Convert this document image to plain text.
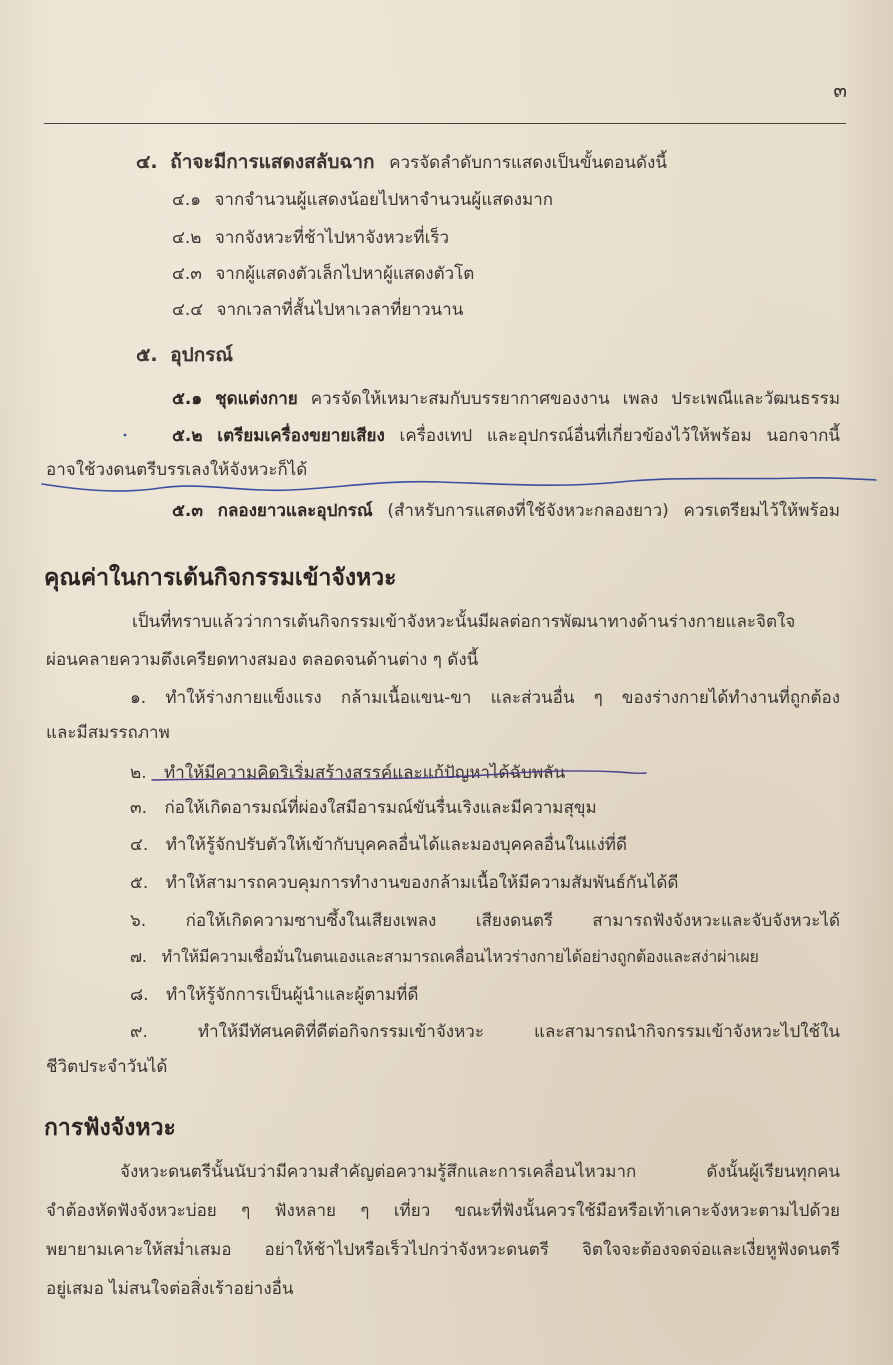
๓
๔. ถ้าจะมีการแสดงสลับฉาก ควรจัดลำดับการแสดงเป็นขั้นตอนดังนี้
๔.๑ จากจำนวนผู้แสดงน้อยไปหาจำนวนผู้แสดงมาก
๔.๒ จากจังหวะที่ช้าไปหาจังหวะที่เร็ว
๔.๓ จากผู้แสดงตัวเล็กไปหาผู้แสดงตัวโต
๔.๔ จากเวลาที่สั้นไปหาเวลาที่ยาวนาน
๕. อุปกรณ์
๕.๑ ชุดแต่งกาย ควรจัดให้เหมาะสมกับบรรยากาศของงาน เพลง ประเพณีและวัฒนธรรม
๕.๒ เตรียมเครื่องขยายเสียง เครื่องเทป และอุปกรณ์อื่นที่เกี่ยวข้องไว้ให้พร้อม นอกจากนี้
อาจใช้วงดนตรีบรรเลงให้จังหวะก็ได้
๕.๓ กลองยาวและอุปกรณ์ (สำหรับการแสดงที่ใช้จังหวะกลองยาว) ควรเตรียมไว้ให้พร้อม
คุณค่าในการเต้นกิจกรรมเข้าจังหวะ
เป็นที่ทราบแล้วว่าการเต้นกิจกรรมเข้าจังหวะนั้นมีผลต่อการพัฒนาทางด้านร่างกายและจิตใจ
ผ่อนคลายความตึงเครียดทางสมอง ตลอดจนด้านต่าง ๆ ดังนี้
๑. ทำให้ร่างกายแข็งแรง กล้ามเนื้อแขน-ขา และส่วนอื่น ๆ ของร่างกายได้ทำงานที่ถูกต้อง
และมีสมรรถภาพ
๒. ทำให้มีความคิดริเริ่มสร้างสรรค์และแก้ปัญหาได้ฉับพลัน
๓. ก่อให้เกิดอารมณ์ที่ผ่องใสมีอารมณ์ขันรื่นเริงและมีความสุขุม
๔. ทำให้รู้จักปรับตัวให้เข้ากับบุคคลอื่นได้และมองบุคคลอื่นในแง่ที่ดี
๕. ทำให้สามารถควบคุมการทำงานของกล้ามเนื้อให้มีความสัมพันธ์กันได้ดี
๖. ก่อให้เกิดความซาบซึ้งในเสียงเพลง เสียงดนตรี สามารถฟังจังหวะและจับจังหวะได้
๗. ทำให้มีความเชื่อมั่นในตนเองและสามารถเคลื่อนไหวร่างกายได้อย่างถูกต้องและสง่าผ่าเผย
๘. ทำให้รู้จักการเป็นผู้นำและผู้ตามที่ดี
๙.	ทำให้มีทัศนคติที่ดีต่อกิจกรรมเข้าจังหวะ และสามารถนำกิจกรรมเข้าจังหวะไปใช้ใน
ชีวิตประจำวันได้
การฟังจังหวะ
จังหวะดนตรีนั้นนับว่ามีความสำคัญต่อความรู้สึกและการเคลื่อนไหวมาก ดังนั้นผู้เรียนทุกคน
จำต้องหัดฟังจังหวะบ่อย ๆ ฟังหลาย ๆ เที่ยว ขณะที่ฟังนั้นควรใช้มือหรือเท้าเคาะจังหวะตามไปด้วย
พยายามเคาะให้สม่ำเสมอ อย่าให้ช้าไปหรือเร็วไปกว่าจังหวะดนตรี จิตใจจะต้องจดจ่อและเงี่ยหูฟังดนตรี
อยู่เสมอ ไม่สนใจต่อสิ่งเร้าอย่างอื่น
